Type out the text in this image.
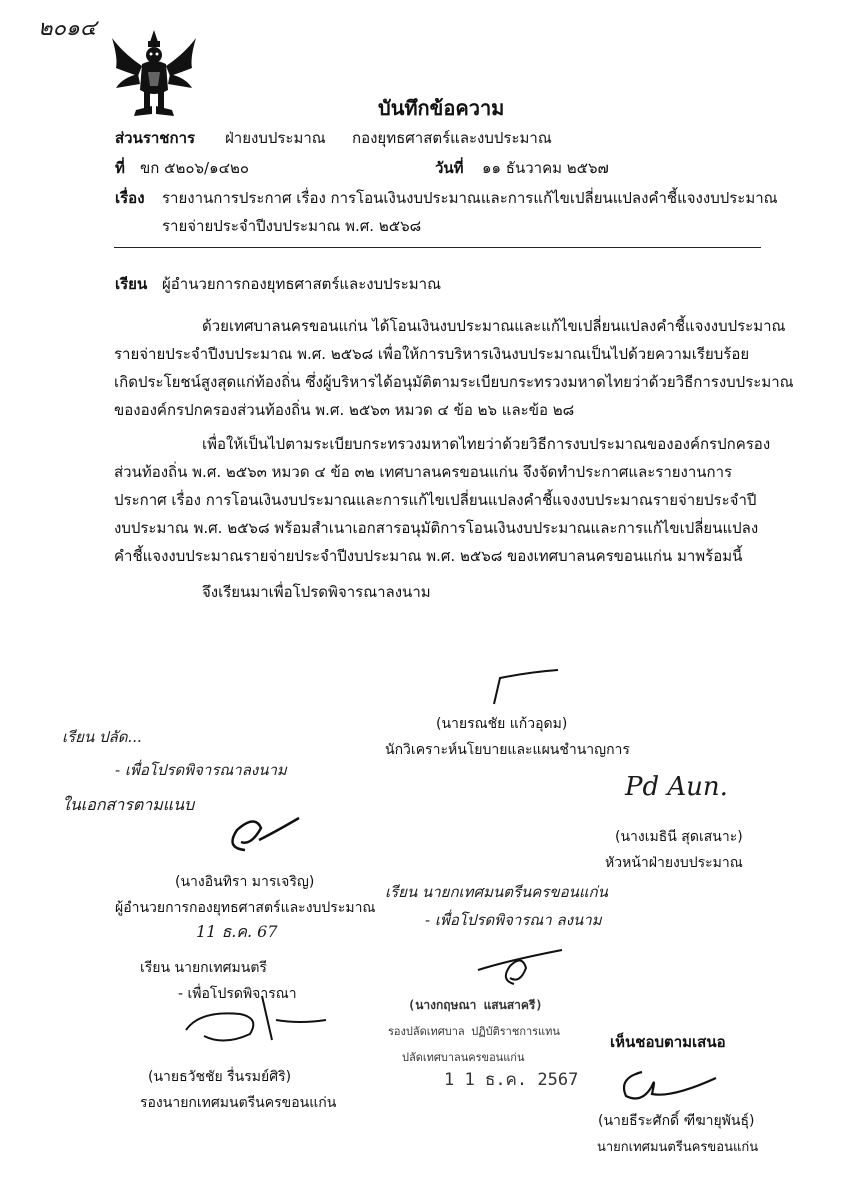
๒๐๑๔
บันทึกข้อความ
ส่วนราชการ ฝ่ายงบประมาณ กองยุทธศาสตร์และงบประมาณ
ที่ ขก ๕๒๐๖/๑๔๒๐	วันที่ ๑๑ ธันวาคม ๒๕๖๗
เรื่อง รายงานการประกาศ เรื่อง การโอนเงินงบประมาณและการแก้ไขเปลี่ยนแปลงคำชี้แจงงบประมาณ
รายจ่ายประจำปีงบประมาณ พ.ศ. ๒๕๖๘
เรียน ผู้อำนวยการกองยุทธศาสตร์และงบประมาณ
ด้วยเทศบาลนครขอนแก่น ได้โอนเงินงบประมาณและแก้ไขเปลี่ยนแปลงคำชี้แจงงบประมาณ
รายจ่ายประจำปีงบประมาณ พ.ศ. ๒๕๖๘ เพื่อให้การบริหารเงินงบประมาณเป็นไปด้วยความเรียบร้อย
เกิดประโยชน์สูงสุดแก่ท้องถิ่น ซึ่งผู้บริหารได้อนุมัติตามระเบียบกระทรวงมหาดไทยว่าด้วยวิธีการงบประมาณ
ขององค์กรปกครองส่วนท้องถิ่น พ.ศ. ๒๕๖๓ หมวด ๔ ข้อ ๒๖ และข้อ ๒๘
เพื่อให้เป็นไปตามระเบียบกระทรวงมหาดไทยว่าด้วยวิธีการงบประมาณขององค์กรปกครอง
ส่วนท้องถิ่น พ.ศ. ๒๕๖๓ หมวด ๔ ข้อ ๓๒ เทศบาลนครขอนแก่น จึงจัดทำประกาศและรายงานการ
ประกาศ เรื่อง การโอนเงินงบประมาณและการแก้ไขเปลี่ยนแปลงคำชี้แจงงบประมาณรายจ่ายประจำปี
งบประมาณ พ.ศ. ๒๕๖๘ พร้อมสำเนาเอกสารอนุมัติการโอนเงินงบประมาณและการแก้ไขเปลี่ยนแปลง
คำชี้แจงงบประมาณรายจ่ายประจำปีงบประมาณ พ.ศ. ๒๕๖๘ ของเทศบาลนครขอนแก่น มาพร้อมนี้
จึงเรียนมาเพื่อโปรดพิจารณาลงนาม
(นายรณชัย แก้วอุดม)
นักวิเคราะห์นโยบายและแผนชำนาญการ
Pd Aun.
(นางเมธินี สุดเสนาะ)
หัวหน้าฝ่ายงบประมาณ
เรียน ปลัด...
- เพื่อโปรดพิจารณาลงนาม
ในเอกสารตามแนบ
(นางอินทิรา มารเจริญ)
ผู้อำนวยการกองยุทธศาสตร์และงบประมาณ
11 ธ.ค. 67
เรียน นายกเทศมนตรีนครขอนแก่น
- เพื่อโปรดพิจารณา ลงนาม
(นางกฤษณา แสนสาครี)
รองปลัดเทศบาล ปฏิบัติราชการแทน
ปลัดเทศบาลนครขอนแก่น
1 1 ธ.ค. 2567
เรียน นายกเทศมนตรี
- เพื่อโปรดพิจารณา
(นายธวัชชัย รื่นรมย์ศิริ)
รองนายกเทศมนตรีนครขอนแก่น
เห็นชอบตามเสนอ
(นายธีระศักดิ์ ฑีฆายุพันธุ์)
นายกเทศมนตรีนครขอนแก่น
